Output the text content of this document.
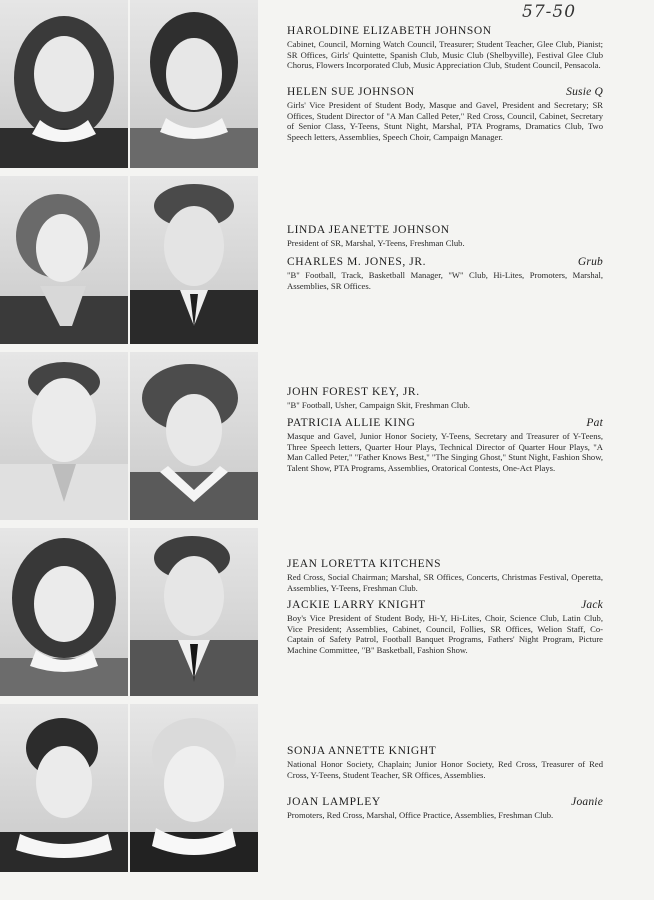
57-50
HAROLDINE ELIZABETH JOHNSON

Cabinet, Council, Morning Watch Council, Treasurer; Student Teacher, Glee Club, Pianist; SR Offices, Girls' Quintette, Spanish Club, Music Club (Shelbyville), Festival Glee Club Chorus, Flowers Incorporated Club, Music Appreciation Club, Student Council, Pensacola.

HELEN SUE JOHNSON	Susie Q

Girls' Vice President of Student Body, Masque and Gavel, President and Secretary; SR Offices, Student Director of "A Man Called Peter," Red Cross, Council, Cabinet, Secretary of Senior Class, Y-Teens, Stunt Night, Marshal, PTA Programs, Dramatics Club, Two Speech letters, Assemblies, Speech Choir, Campaign Manager.

LINDA JEANETTE JOHNSON

President of SR, Marshal, Y-Teens, Freshman Club.

CHARLES M. JONES, JR.	Grub

"B" Football, Track, Basketball Manager, "W" Club, Hi-Lites, Promoters, Marshal, Assemblies, SR Offices.

JOHN FOREST KEY, JR.

"B" Football, Usher, Campaign Skit, Freshman Club.

PATRICIA ALLIE KING	Pat

Masque and Gavel, Junior Honor Society, Y-Teens, Secretary and Treasurer of Y-Teens, Three Speech letters, Quarter Hour Plays, Technical Director of Quarter Hour Plays, "A Man Called Peter," "Father Knows Best," "The Singing Ghost," Stunt Night, Fashion Show, Talent Show, PTA Programs, Assemblies, Oratorical Contests, One-Act Plays.

JEAN LORETTA KITCHENS

Red Cross, Social Chairman; Marshal, SR Offices, Concerts, Christmas Festival, Operetta, Assemblies, Y-Teens, Freshman Club.

JACKIE LARRY KNIGHT	Jack

Boy's Vice President of Student Body, Hi-Y, Hi-Lites, Choir, Science Club, Latin Club, Vice President; Assemblies, Cabinet, Council, Follies, SR Offices, Welion Staff, Co-Captain of Safety Patrol, Football Banquet Programs, Fathers' Night Program, Picture Machine Committee, "B" Basketball, Fashion Show.

SONJA ANNETTE KNIGHT

National Honor Society, Chaplain; Junior Honor Society, Red Cross, Treasurer of Red Cross, Y-Teens, Student Teacher, SR Offices, Assemblies.

JOAN LAMPLEY	Joanie

Promoters, Red Cross, Marshal, Office Practice, Assemblies, Freshman Club.
